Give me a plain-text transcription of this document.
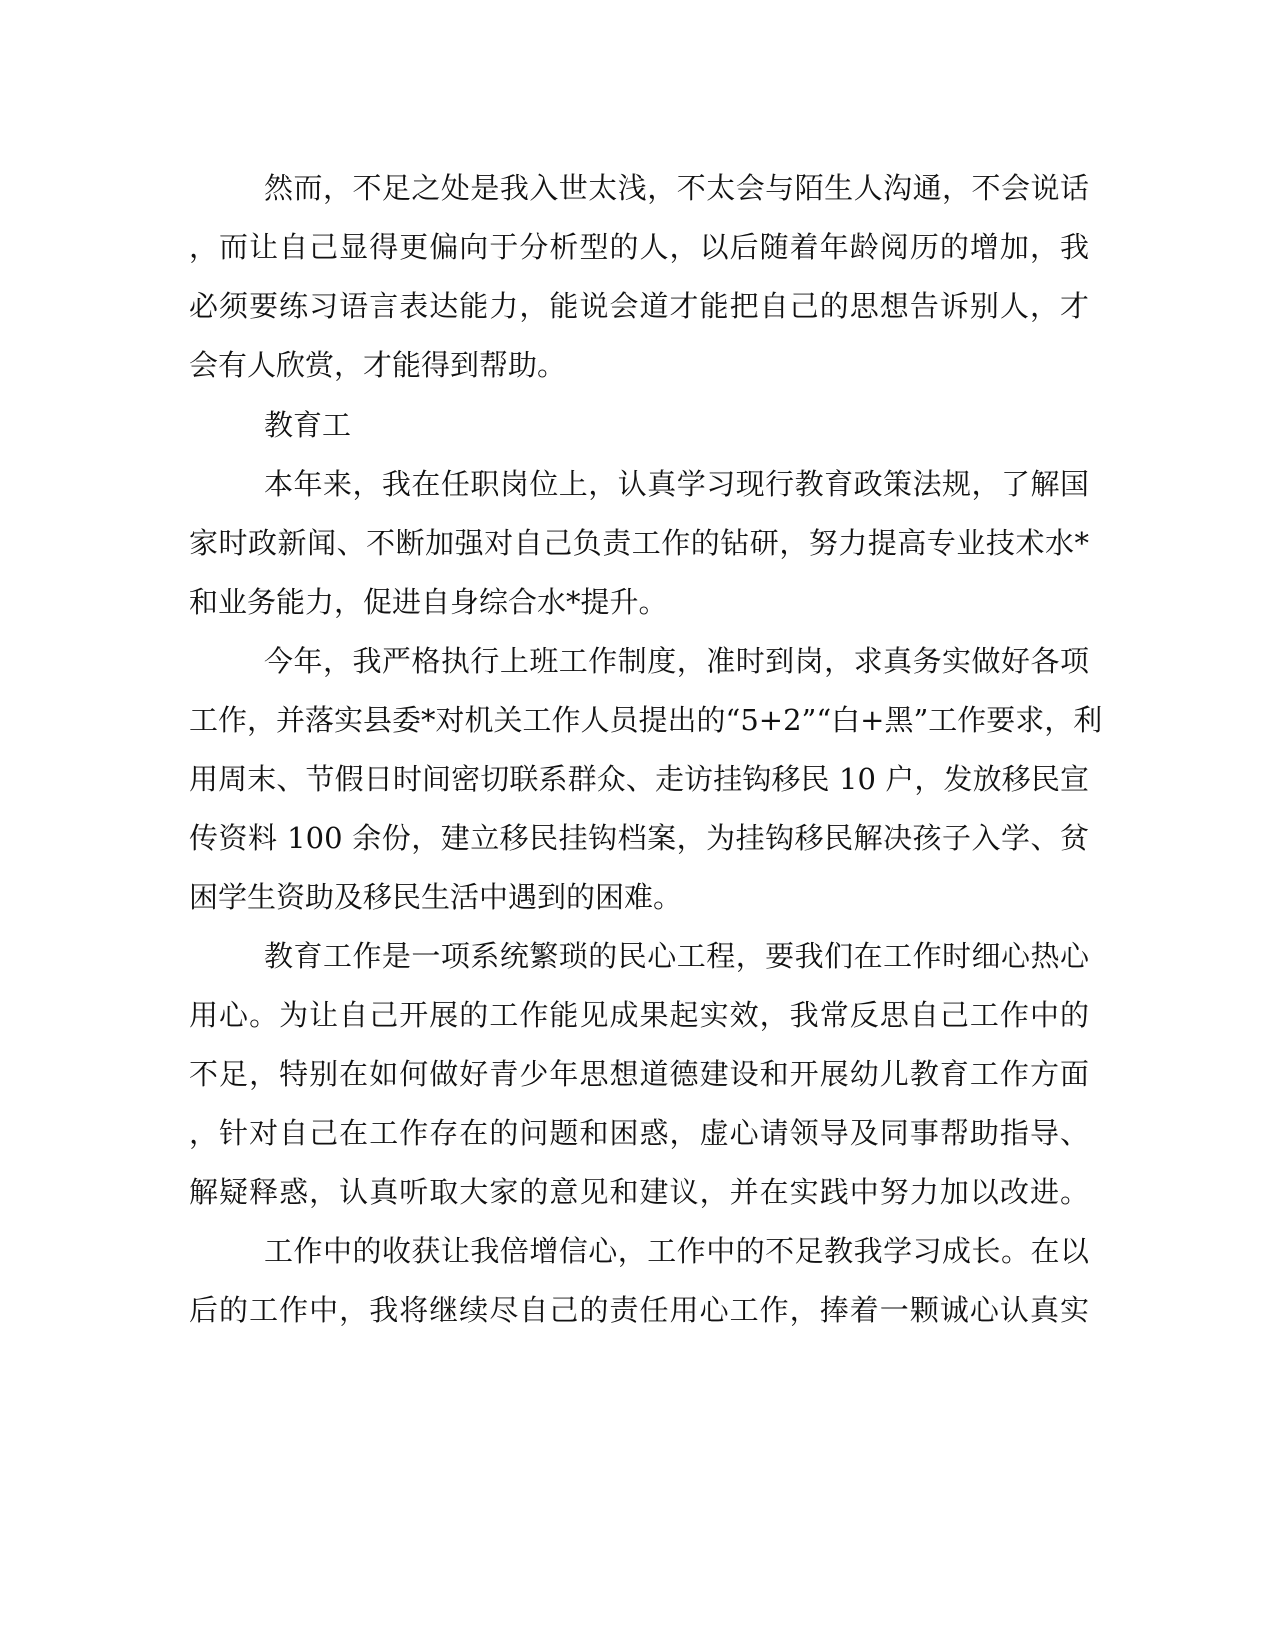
然而，不足之处是我入世太浅，不太会与陌生人沟通，不会说话
，而让自己显得更偏向于分析型的人，以后随着年龄阅历的增加，我
必须要练习语言表达能力，能说会道才能把自己的思想告诉别人，才
会有人欣赏，才能得到帮助。
教育工
本年来，我在任职岗位上，认真学习现行教育政策法规，了解国
家时政新闻、不断加强对自己负责工作的钻研，努力提高专业技术水*
和业务能力，促进自身综合水*提升。
今年，我严格执行上班工作制度，准时到岗，求真务实做好各项
工作，并落实县委*对机关工作人员提出的“5+2”“白+黑”工作要求，利
用周末、节假日时间密切联系群众、走访挂钩移民 10 户，发放移民宣
传资料 100 余份，建立移民挂钩档案，为挂钩移民解决孩子入学、贫
困学生资助及移民生活中遇到的困难。
教育工作是一项系统繁琐的民心工程，要我们在工作时细心热心
用心。为让自己开展的工作能见成果起实效，我常反思自己工作中的
不足，特别在如何做好青少年思想道德建设和开展幼儿教育工作方面
，针对自己在工作存在的问题和困惑，虚心请领导及同事帮助指导、
解疑释惑，认真听取大家的意见和建议，并在实践中努力加以改进。
工作中的收获让我倍增信心，工作中的不足教我学习成长。在以
后的工作中，我将继续尽自己的责任用心工作，捧着一颗诚心认真实
